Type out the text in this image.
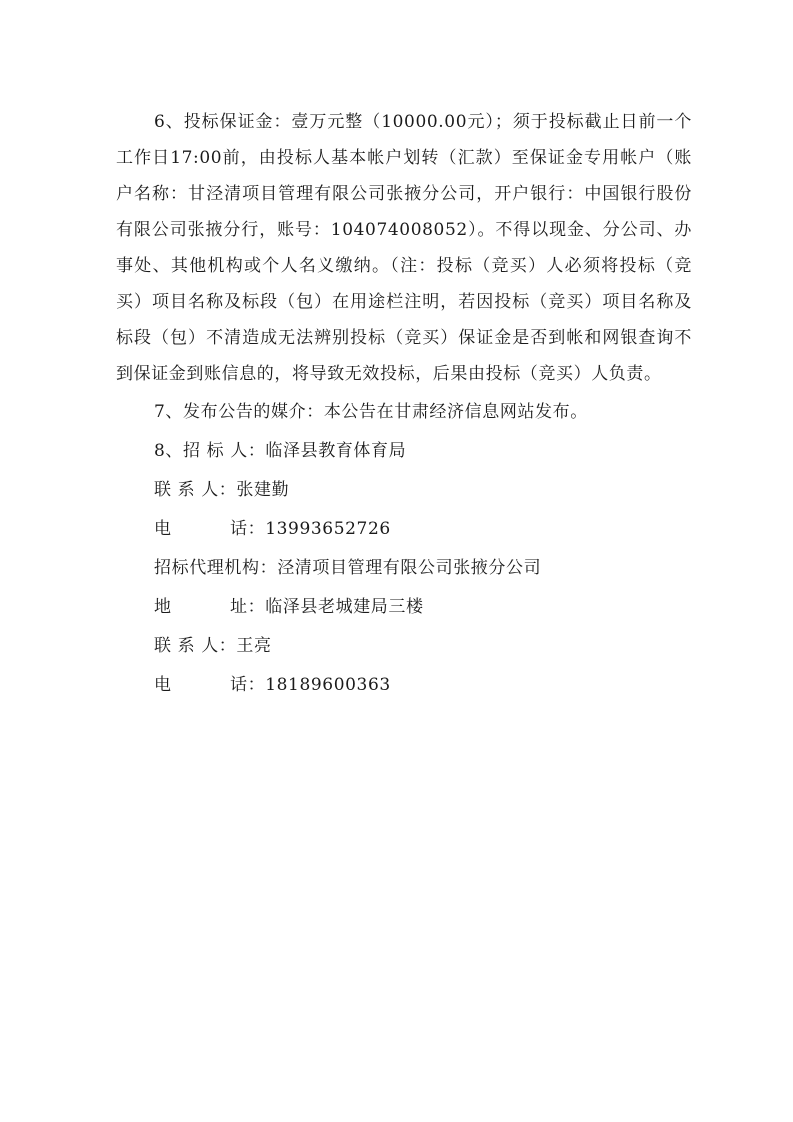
6、投标保证金：壹万元整（10000.00元）；须于投标截止日前一个工作日17:00前，由投标人基本帐户划转（汇款）至保证金专用帐户（账户名称：甘泾清项目管理有限公司张掖分公司，开户银行：中国银行股份有限公司张掖分行，账号：104074008052）。不得以现金、分公司、办事处、其他机构或个人名义缴纳。（注：投标（竞买）人必须将投标（竞买）项目名称及标段（包）在用途栏注明，若因投标（竞买）项目名称及标段（包）不清造成无法辨别投标（竞买）保证金是否到帐和网银查询不到保证金到账信息的，将导致无效投标，后果由投标（竞买）人负责。

7、发布公告的媒介：本公告在甘肃经济信息网站发布。

8、招 标 人：临泽县教育体育局

联 系 人：张建勤

电	话：13993652726

招标代理机构：泾清项目管理有限公司张掖分公司

地	址：临泽县老城建局三楼

联 系 人：王亮

电	话：18189600363
